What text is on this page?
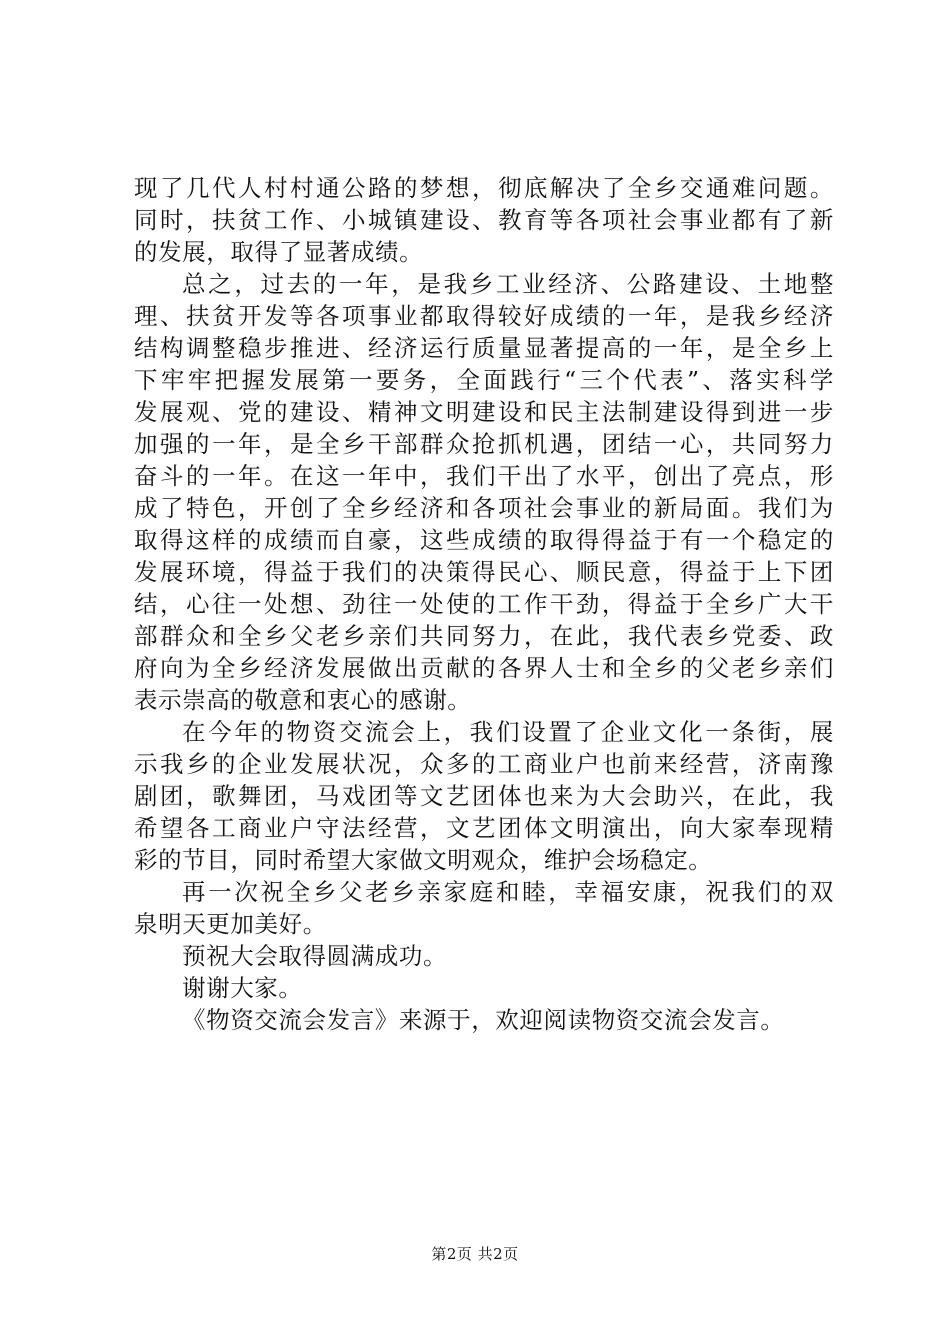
现了几代人村村通公路的梦想，彻底解决了全乡交通难问题。
同时，扶贫工作、小城镇建设、教育等各项社会事业都有了新
的发展，取得了显著成绩。
总之，过去的一年，是我乡工业经济、公路建设、土地整
理、扶贫开发等各项事业都取得较好成绩的一年，是我乡经济
结构调整稳步推进、经济运行质量显著提高的一年，是全乡上
下牢牢把握发展第一要务，全面践行“三个代表”、落实科学
发展观、党的建设、精神文明建设和民主法制建设得到进一步
加强的一年，是全乡干部群众抢抓机遇，团结一心，共同努力
奋斗的一年。在这一年中，我们干出了水平，创出了亮点，形
成了特色，开创了全乡经济和各项社会事业的新局面。我们为
取得这样的成绩而自豪，这些成绩的取得得益于有一个稳定的
发展环境，得益于我们的决策得民心、顺民意，得益于上下团
结，心往一处想、劲往一处使的工作干劲，得益于全乡广大干
部群众和全乡父老乡亲们共同努力，在此，我代表乡党委、政
府向为全乡经济发展做出贡献的各界人士和全乡的父老乡亲们
表示崇高的敬意和衷心的感谢。
在今年的物资交流会上，我们设置了企业文化一条街，展
示我乡的企业发展状况，众多的工商业户也前来经营，济南豫
剧团，歌舞团，马戏团等文艺团体也来为大会助兴，在此，我
希望各工商业户守法经营，文艺团体文明演出，向大家奉现精
彩的节目，同时希望大家做文明观众，维护会场稳定。
再一次祝全乡父老乡亲家庭和睦，幸福安康，祝我们的双
泉明天更加美好。
预祝大会取得圆满成功。
谢谢大家。
《物资交流会发言》来源于，欢迎阅读物资交流会发言。
第2页 共2页
